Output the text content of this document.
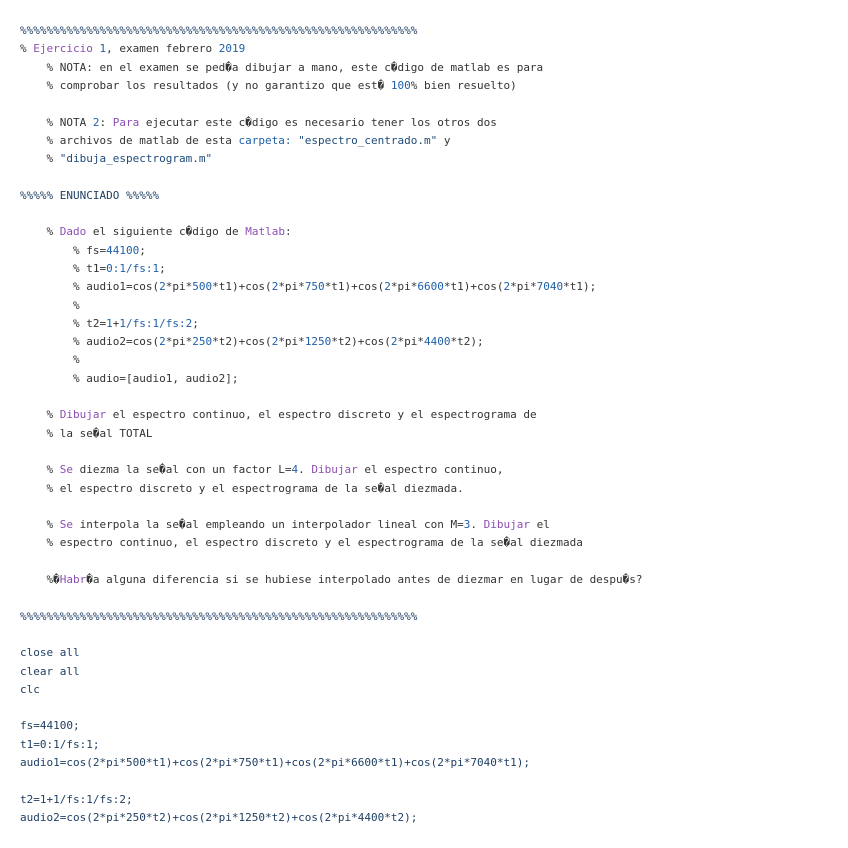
%%%%%%%%%%%%%%%%%%%%%%%%%%%%%%%%%%%%%%%%%%%%%%%%%%%%%%%%%%%%
% Ejercicio 1, examen febrero 2019
% NOTA: en el examen se ped�a dibujar a mano, este c�digo de matlab es para
% comprobar los resultados (y no garantizo que est� 100% bien resuelto)
% NOTA 2: Para ejecutar este c�digo es necesario tener los otros dos
% archivos de matlab de esta carpeta: "espectro_centrado.m" y
% "dibuja_espectrogram.m"
%%%%% ENUNCIADO %%%%%
% Dado el siguiente c�digo de Matlab:
% fs=44100;
% t1=0:1/fs:1;
% audio1=cos(2*pi*500*t1)+cos(2*pi*750*t1)+cos(2*pi*6600*t1)+cos(2*pi*7040*t1);
%
% t2=1+1/fs:1/fs:2;
% audio2=cos(2*pi*250*t2)+cos(2*pi*1250*t2)+cos(2*pi*4400*t2);
%
% audio=[audio1, audio2];
% Dibujar el espectro continuo, el espectro discreto y el espectrograma de
% la se�al TOTAL
% Se diezma la se�al con un factor L=4. Dibujar el espectro continuo,
% el espectro discreto y el espectrograma de la se�al diezmada.
% Se interpola la se�al empleando un interpolador lineal con M=3. Dibujar el
% espectro continuo, el espectro discreto y el espectrograma de la se�al diezmada
%�Habr�a alguna diferencia si se hubiese interpolado antes de diezmar en lugar de despu�s?
%%%%%%%%%%%%%%%%%%%%%%%%%%%%%%%%%%%%%%%%%%%%%%%%%%%%%%%%%%%%
close all
clear all
clc
fs=44100;
t1=0:1/fs:1;
audio1=cos(2*pi*500*t1)+cos(2*pi*750*t1)+cos(2*pi*6600*t1)+cos(2*pi*7040*t1);
t2=1+1/fs:1/fs:2;
audio2=cos(2*pi*250*t2)+cos(2*pi*1250*t2)+cos(2*pi*4400*t2);
